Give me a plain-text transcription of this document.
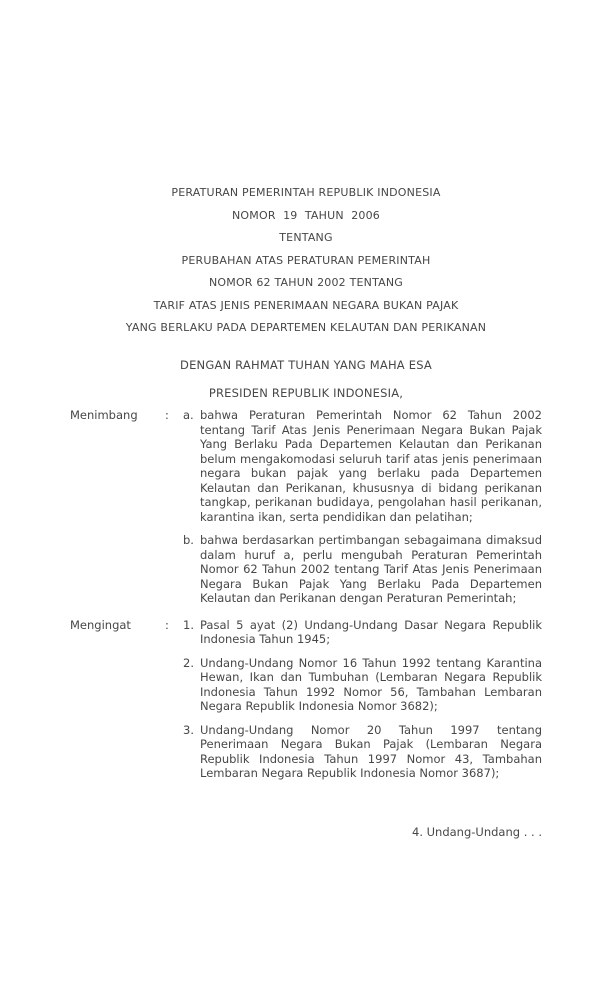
PERATURAN PEMERINTAH REPUBLIK INDONESIA
NOMOR  19  TAHUN  2006
TENTANG
PERUBAHAN ATAS PERATURAN PEMERINTAH
NOMOR 62 TAHUN 2002 TENTANG
TARIF ATAS JENIS PENERIMAAN NEGARA BUKAN PAJAK
YANG BERLAKU PADA DEPARTEMEN KELAUTAN DAN PERIKANAN
DENGAN RAHMAT TUHAN YANG MAHA ESA
PRESIDEN REPUBLIK INDONESIA,
Menimbang : a. bahwa Peraturan Pemerintah Nomor 62 Tahun 2002 tentang Tarif Atas Jenis Penerimaan Negara Bukan Pajak Yang Berlaku Pada Departemen Kelautan dan Perikanan belum mengakomodasi seluruh tarif atas jenis penerimaan negara bukan pajak yang berlaku pada Departemen Kelautan dan Perikanan, khususnya di bidang perikanan tangkap, perikanan budidaya, pengolahan hasil perikanan, karantina ikan, serta pendidikan dan pelatihan;

b. bahwa berdasarkan pertimbangan sebagaimana dimaksud dalam huruf a, perlu mengubah Peraturan Pemerintah Nomor 62 Tahun 2002 tentang Tarif Atas Jenis Penerimaan Negara Bukan Pajak Yang Berlaku Pada Departemen Kelautan dan Perikanan dengan Peraturan Pemerintah;

Mengingat	: 1. Pasal 5 ayat (2) Undang-Undang Dasar Negara Republik Indonesia Tahun 1945;

2. Undang-Undang Nomor 16 Tahun 1992 tentang Karantina Hewan, Ikan dan Tumbuhan (Lembaran Negara Republik Indonesia Tahun 1992 Nomor 56, Tambahan Lembaran Negara Republik Indonesia Nomor 3682);

3. Undang-Undang Nomor 20 Tahun 1997 tentang Penerimaan Negara Bukan Pajak (Lembaran Negara Republik Indonesia Tahun 1997 Nomor 43, Tambahan Lembaran Negara Republik Indonesia Nomor 3687);

4. Undang-Undang . . .
